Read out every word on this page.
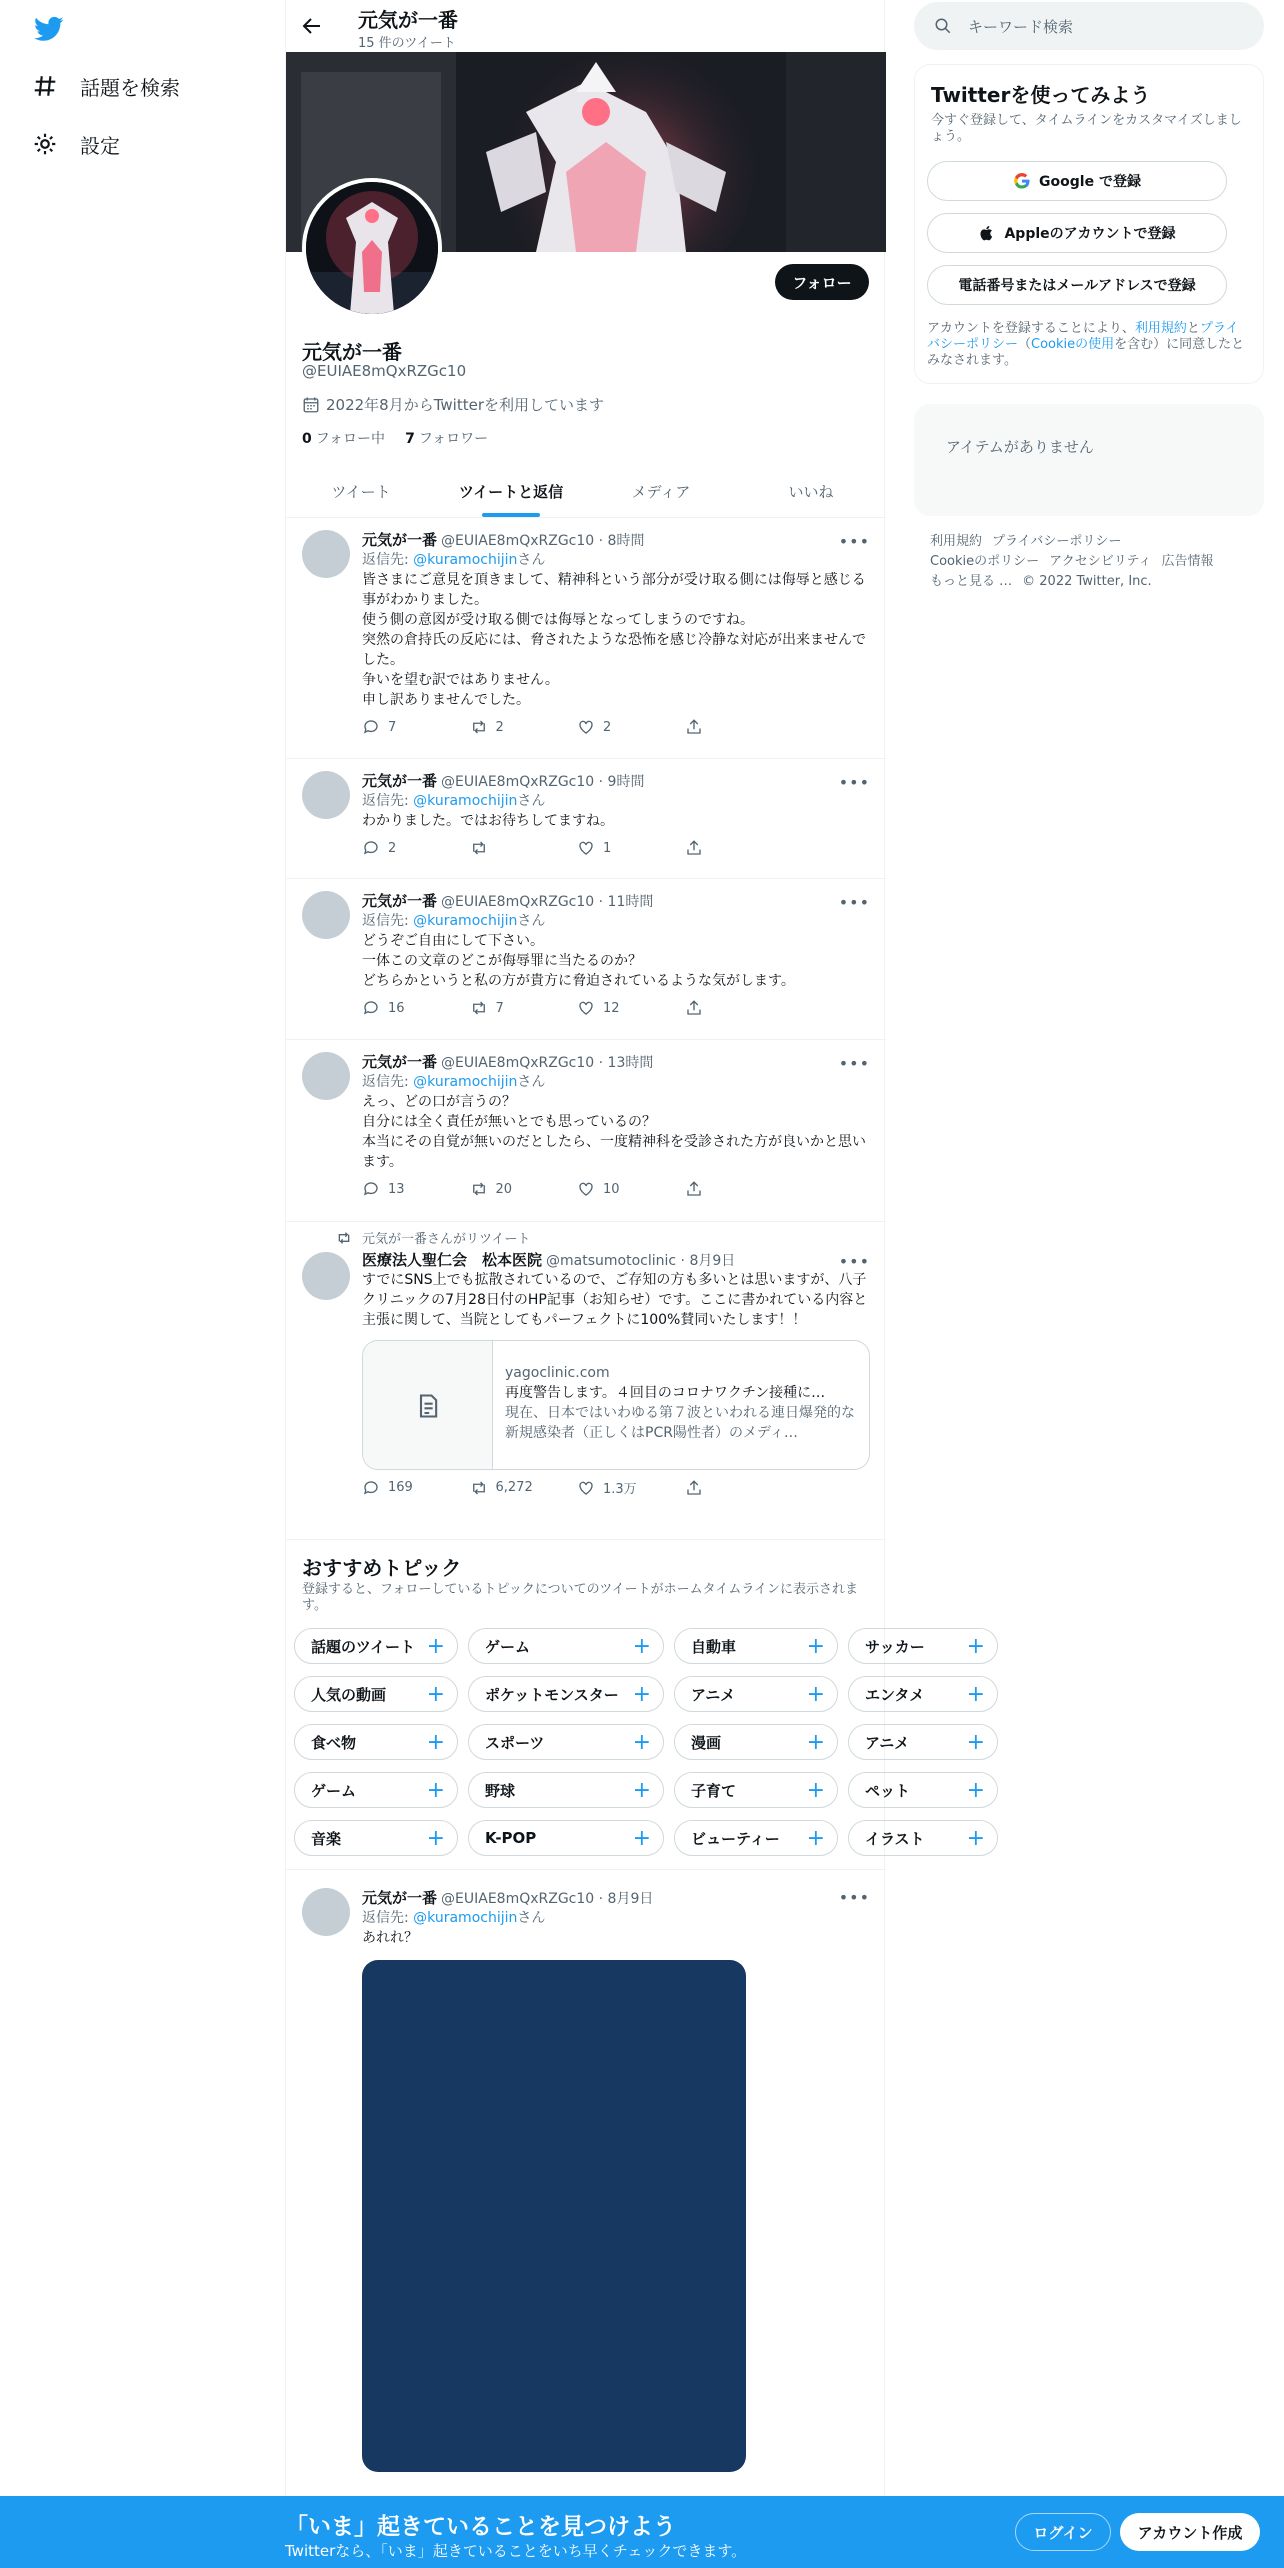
話題を検索
設定
元気が一番
15 件のツイート
フォロー
元気が一番
@EUIAE8mQxRZGc10
2022年8月からTwitterを利用しています
0 フォロー中 7 フォロワー
ツイート	ツイートと返信	メディア	いいね
•••
元気が一番 @EUIAE8mQxRZGc10 · 8時間
返信先: @kuramochijinさん
皆さまにご意見を頂きまして、精神科という部分が受け取る側には侮辱と感じる事がわかりました。
使う側の意図が受け取る側では侮辱となってしまうのですね。
突然の倉持氏の反応には、脅されたような恐怖を感じ冷静な対応が出来ませんでした。
争いを望む訳ではありません。
申し訳ありませんでした。
7	2	2
•••
元気が一番 @EUIAE8mQxRZGc10 · 9時間
返信先: @kuramochijinさん
わかりました。ではお待ちしてますね。
2	1
•••
元気が一番 @EUIAE8mQxRZGc10 · 11時間
返信先: @kuramochijinさん
どうぞご自由にして下さい。
一体この文章のどこが侮辱罪に当たるのか？
どちらかというと私の方が貴方に脅迫されているような気がします。
16	7	12
•••
元気が一番 @EUIAE8mQxRZGc10 · 13時間
返信先: @kuramochijinさん
えっ、どの口が言うの？
自分には全く責任が無いとでも思っているの？
本当にその自覚が無いのだとしたら、一度精神科を受診された方が良いかと思います。
13	20	10
元気が一番さんがリツイート
•••
医療法人聖仁会　松本医院 @matsumotoclinic · 8月9日
すでにSNS上でも拡散されているので、ご存知の方も多いとは思いますが、八子クリニックの7月28日付のHP記事（お知らせ）です。ここに書かれている内容と主張に関して、当院としてもパーフェクトに100%賛同いたします！！
yagoclinic.com
再度警告します。４回目のコロナワクチン接種に…
現在、日本ではいわゆる第７波といわれる連日爆発的な新規感染者（正しくはPCR陽性者）のメディ…
169	6,272	1.3万
おすすめトピック
登録すると、フォローしているトピックについてのツイートがホームタイムラインに表示されます。
話題のツイート +	ゲーム	+	自動車	+	サッカー +
人気の動画 +	ポケットモンスター +	アニメ	+	エンタメ +
食べ物	+	スポーツ	+	漫画	+	アニメ	+
ゲーム	+	野球	+	子育て	+	ペット	+
音楽	+	K-POP	+	ビューティー +	イラスト +
•••
元気が一番 @EUIAE8mQxRZGc10 · 8月9日
返信先: @kuramochijinさん
あれれ？
キーワード検索
Twitterを使ってみよう
今すぐ登録して、タイムラインをカスタマイズしましょう。
Google で登録
Appleのアカウントで登録
電話番号またはメールアドレスで登録
アカウントを登録することにより、利用規約とプライバシーポリシー（Cookieの使用を含む）に同意したとみなされます。
アイテムがありません
利用規約 プライバシーポリシー
Cookieのポリシー アクセシビリティ 広告情報
もっと見る … © 2022 Twitter, Inc.
「いま」起きていることを見つけよう
Twitterなら、「いま」起きていることをいち早くチェックできます。
ログイン	アカウント作成
